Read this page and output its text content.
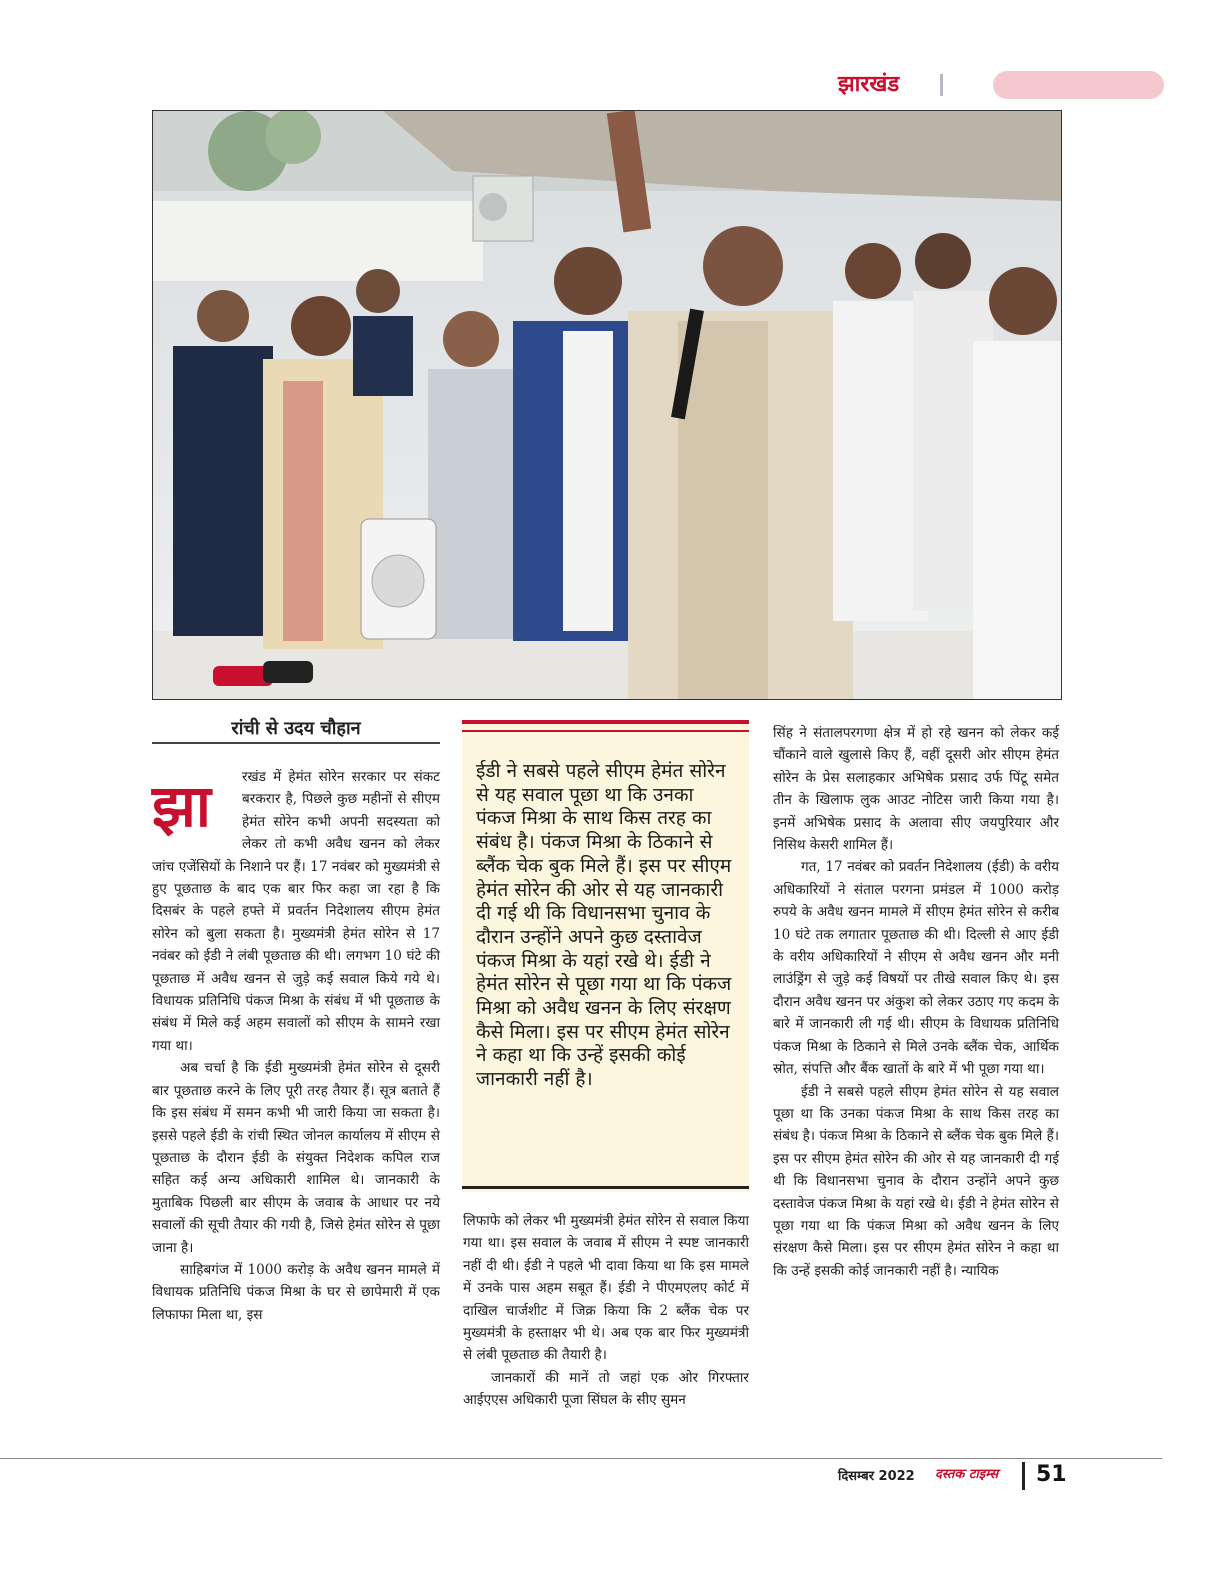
झारखंड
रांची से उदय चौहान

झा	रखंड में हेमंत सोरेन सरकार पर संकट बरकरार है, पिछले कुछ महीनों से सीएम हेमंत सोरेन कभी अपनी सदस्यता को लेकर तो कभी अवैध खनन को लेकर जांच एजेंसियों के निशाने पर हैं। 17 नवंबर को मुख्यमंत्री से हुए पूछताछ के बाद एक बार फिर कहा जा रहा है कि दिसबंर के पहले हफ्ते में प्रवर्तन निदेशालय सीएम हेमंत सोरेन को बुला सकता है। मुख्यमंत्री हेमंत सोरेन से 17 नवंबर को ईडी ने लंबी पूछताछ की थी। लगभग 10 घंटे की पूछताछ में अवैध खनन से जुड़े कई सवाल किये गये थे। विधायक प्रतिनिधि पंकज मिश्रा के संबंध में भी पूछताछ के संबंध में मिले कई अहम सवालों को सीएम के सामने रखा गया था।

अब चर्चा है कि ईडी मुख्यमंत्री हेमंत सोरेन से दूसरी बार पूछताछ करने के लिए पूरी तरह तैयार हैं। सूत्र बताते हैं कि इस संबंध में समन कभी भी जारी किया जा सकता है। इससे पहले ईडी के रांची स्थित जोनल कार्यालय में सीएम से पूछताछ के दौरान ईडी के संयुक्त निदेशक कपिल राज सहित कई अन्य अधिकारी शामिल थे। जानकारी के मुताबिक पिछली बार सीएम के जवाब के आधार पर नये सवालों की सूची तैयार की गयी है, जिसे हेमंत सोरेन से पूछा जाना है।

साहिबगंज में 1000 करोड़ के अवैध खनन मामले में विधायक प्रतिनिधि पंकज मिश्रा के घर से छापेमारी में एक लिफाफा मिला था, इस

ईडी ने सबसे पहले सीएम हेमंत सोरेन से यह सवाल पूछा था कि उनका पंकज मिश्रा के साथ किस तरह का संबंध है। पंकज मिश्रा के ठिकाने से ब्लैंक चेक बुक मिले हैं। इस पर सीएम हेमंत सोरेन की ओर से यह जानकारी दी गई थी कि विधानसभा चुनाव के दौरान उन्होंने अपने कुछ दस्तावेज पंकज मिश्रा के यहां रखे थे। ईडी ने हेमंत सोरेन से पूछा गया था कि पंकज मिश्रा को अवैध खनन के लिए संरक्षण कैसे मिला। इस पर सीएम हेमंत सोरेन ने कहा था कि उन्हें इसकी कोई जानकारी नहीं है।

लिफाफे को लेकर भी मुख्यमंत्री हेमंत सोरेन से सवाल किया गया था। इस सवाल के जवाब में सीएम ने स्पष्ट जानकारी नहीं दी थी। ईडी ने पहले भी दावा किया था कि इस मामले में उनके पास अहम सबूत हैं। ईडी ने पीएमएलए कोर्ट में दाखिल चार्जशीट में जिक्र किया कि 2 ब्लैंक चेक पर मुख्यमंत्री के हस्ताक्षर भी थे। अब एक बार फिर मुख्यमंत्री से लंबी पूछताछ की तैयारी है।

जानकारों की मानें तो जहां एक ओर गिरफ्तार आईएएस अधिकारी पूजा सिंघल के सीए सुमन

सिंह ने संतालपरगणा क्षेत्र में हो रहे खनन को लेकर कई चौंकाने वाले खुलासे किए हैं, वहीं दूसरी ओर सीएम हेमंत सोरेन के प्रेस सलाहकार अभिषेक प्रसाद उर्फ पिंटू समेत तीन के खिलाफ लुक आउट नोटिस जारी किया गया है। इनमें अभिषेक प्रसाद के अलावा सीए जयपुरियार और निसिथ केसरी शामिल हैं।

गत, 17 नवंबर को प्रवर्तन निदेशालय (ईडी) के वरीय अधिकारियों ने संताल परगना प्रमंडल में 1000 करोड़ रुपये के अवैध खनन मामले में सीएम हेमंत सोरेन से करीब 10 घंटे तक लगातार पूछताछ की थी। दिल्ली से आए ईडी के वरीय अधिकारियों ने सीएम से अवैध खनन और मनी लाउंड्रिंग से जुड़े कई विषयों पर तीखे सवाल किए थे। इस दौरान अवैध खनन पर अंकुश को लेकर उठाए गए कदम के बारे में जानकारी ली गई थी। सीएम के विधायक प्रतिनिधि पंकज मिश्रा के ठिकाने से मिले उनके ब्लैंक चेक, आर्थिक स्रोत, संपत्ति और बैंक खातों के बारे में भी पूछा गया था।

ईडी ने सबसे पहले सीएम हेमंत सोरेन से यह सवाल पूछा था कि उनका पंकज मिश्रा के साथ किस तरह का संबंध है। पंकज मिश्रा के ठिकाने से ब्लैंक चेक बुक मिले हैं। इस पर सीएम हेमंत सोरेन की ओर से यह जानकारी दी गई थी कि विधानसभा चुनाव के दौरान उन्होंने अपने कुछ दस्तावेज पंकज मिश्रा के यहां रखे थे। ईडी ने हेमंत सोरेन से पूछा गया था कि पंकज मिश्रा को अवैध खनन के लिए संरक्षण कैसे मिला। इस पर सीएम हेमंत सोरेन ने कहा था कि उन्हें इसकी कोई जानकारी नहीं है। न्यायिक

दिसम्बर 2022 दस्तक टाइम्स 51
